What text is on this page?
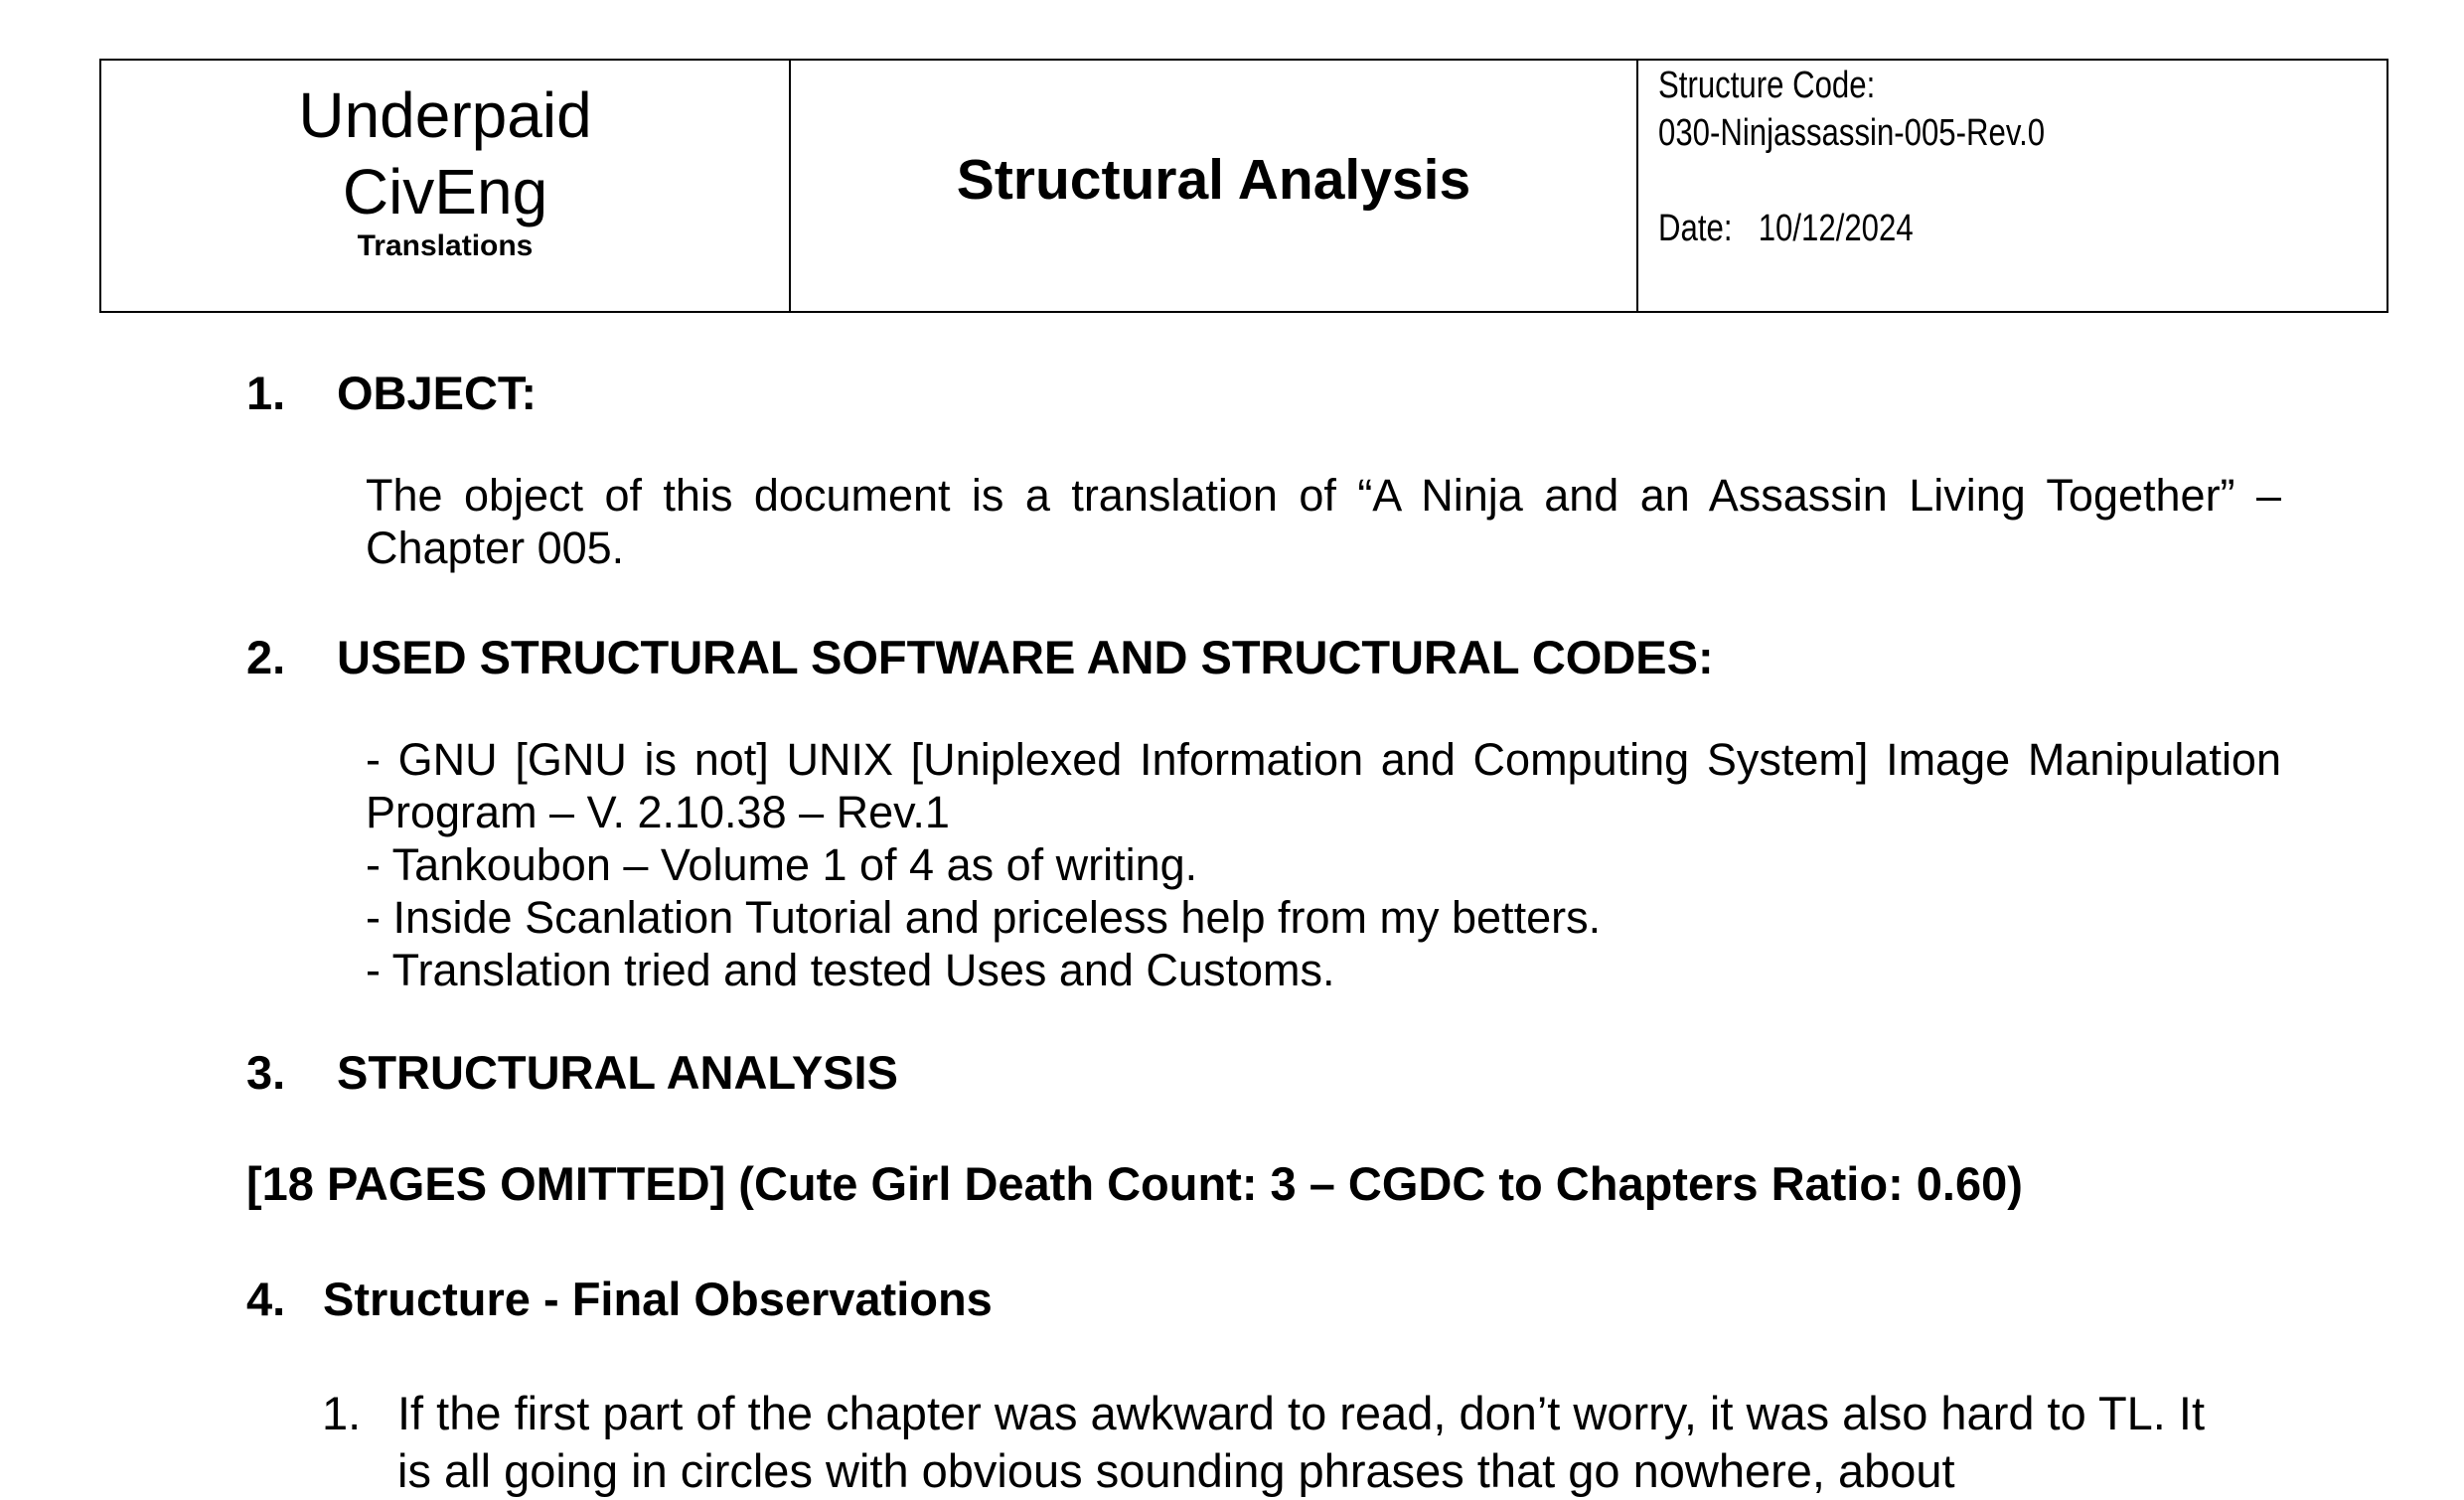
Underpaid
CivEng
Translations
Structural Analysis
Structure Code:
030-Ninjassassin-005-Rev.0
Date: 10/12/2024
1. OBJECT:
The object of this document is a translation of “A Ninja and an Assassin Living Together” – Chapter 005.
2. USED STRUCTURAL SOFTWARE AND STRUCTURAL CODES:
- GNU [GNU is not] UNIX [Uniplexed Information and Computing System] Image Manipulation Program – V. 2.10.38 – Rev.1
- Tankoubon – Volume 1 of 4 as of writing.
- Inside Scanlation Tutorial and priceless help from my betters.
- Translation tried and tested Uses and Customs.
3. STRUCTURAL ANALYSIS
[18 PAGES OMITTED] (Cute Girl Death Count: 3 – CGDC to Chapters Ratio: 0.60)
4. Structure - Final Observations
1. If the first part of the chapter was awkward to read, don’t worry, it was also hard to TL. It is all going in circles with obvious sounding phrases that go nowhere, about
